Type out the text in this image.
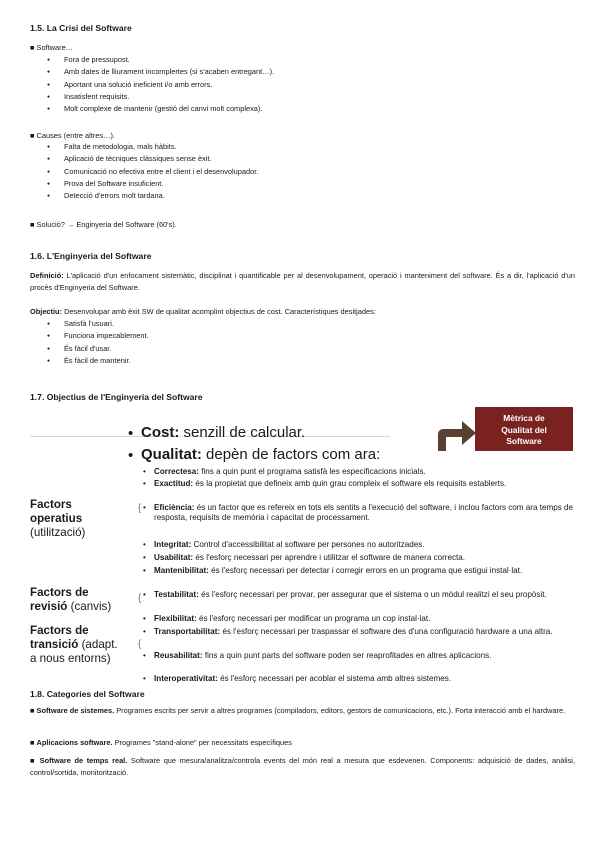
1.5. La Crisi del Software
■ Software…
● Fora de pressupost.
● Amb dates de lliurament incomplertes (si s'acaben entregant…).
● Aportant una solució ineficient i/o amb errors.
● Insatisfent requisits.
● Molt complexe de mantenir (gestió del canvi molt complexa).
■ Causes (entre altres…).
● Falta de metodologia, mals hàbits.
● Aplicació de tècniques clàssiques sense èxit.
● Comunicació no efectiva entre el client i el desenvolupador.
● Prova del Software insuficient.
● Detecció d'errors molt tardana.
■ Solució? → Enginyeria del Software (60's).
1.6. L'Enginyeria del Software
Definició: L'aplicació d'un enfocament sistemàtic, disciplinat i quantificable per al desenvolupament, operació i manteniment del software. És a dir, l'aplicació d'un procés d'Enginyeria del Software.
Objectiu: Desenvolupar amb èxit SW de qualitat acomplint objectius de cost. Característiques desitjades:
● Satisfà l'usuari.
● Funciona impecablement.
● És fàcil d'usar.
● És fàcil de mantenir.
1.7. Objectius de l'Enginyeria del Software
• Cost: senzill de calcular.
• Qualitat: depèn de factors com ara:
Mètrica de
Qualitat del
Software
Factors
operatius
(utilització)
Factors de
revisió (canvis)
Factors de
transició (adapt.
a nous entorns)
{
{
{
• Correctesa: fins a quin punt el programa satisfà les especificacions inicials.
• Exactitud: és la propietat que defineix amb quin grau compleix el software els requisits establerts.
• Eficiència: és un factor que es refereix en tots els sentits a l'execució del software, i inclou factors com ara temps de resposta, requisits de memòria i capacitat de processament.
• Integritat: Control d'accessibilitat al software per persones no autoritzades.
• Usabilitat: és l'esforç necessari per aprendre i utilitzar el software de manera correcta.
• Mantenibilitat: és l'esforç necessari per detectar i corregir errors en un programa que estigui instal·lat.
• Testabilitat: és l'esforç necessari per provar, per assegurar que el sistema o un mòdul realitzi el seu propòsit.
• Flexibilitat: és l'esforç necessari per modificar un programa un cop instal·lat.
• Transportabilitat: és l'esforç necessari per traspassar el software des d'una configuració hardware a una altra.
• Reusabilitat: fins a quin punt parts del software poden ser reaprofitades en altres aplicacions.
• Interoperativitat: és l'esforç necessari per acoblar el sistema amb altres sistemes.
1.8. Categories del Software
■ Software de sistemes. Programes escrits per servir a altres programes (compiladors, editors, gestors de comunicacions, etc.). Forta interacció amb el hardware.
■ Aplicacions software. Programes "stand-alone" per necessitats específiques
■ Software de temps real. Software que mesura/analitza/controla events del món real a mesura que esdevenen. Components: adquisició de dades, anàlisi, control/sortida, monitorització.
